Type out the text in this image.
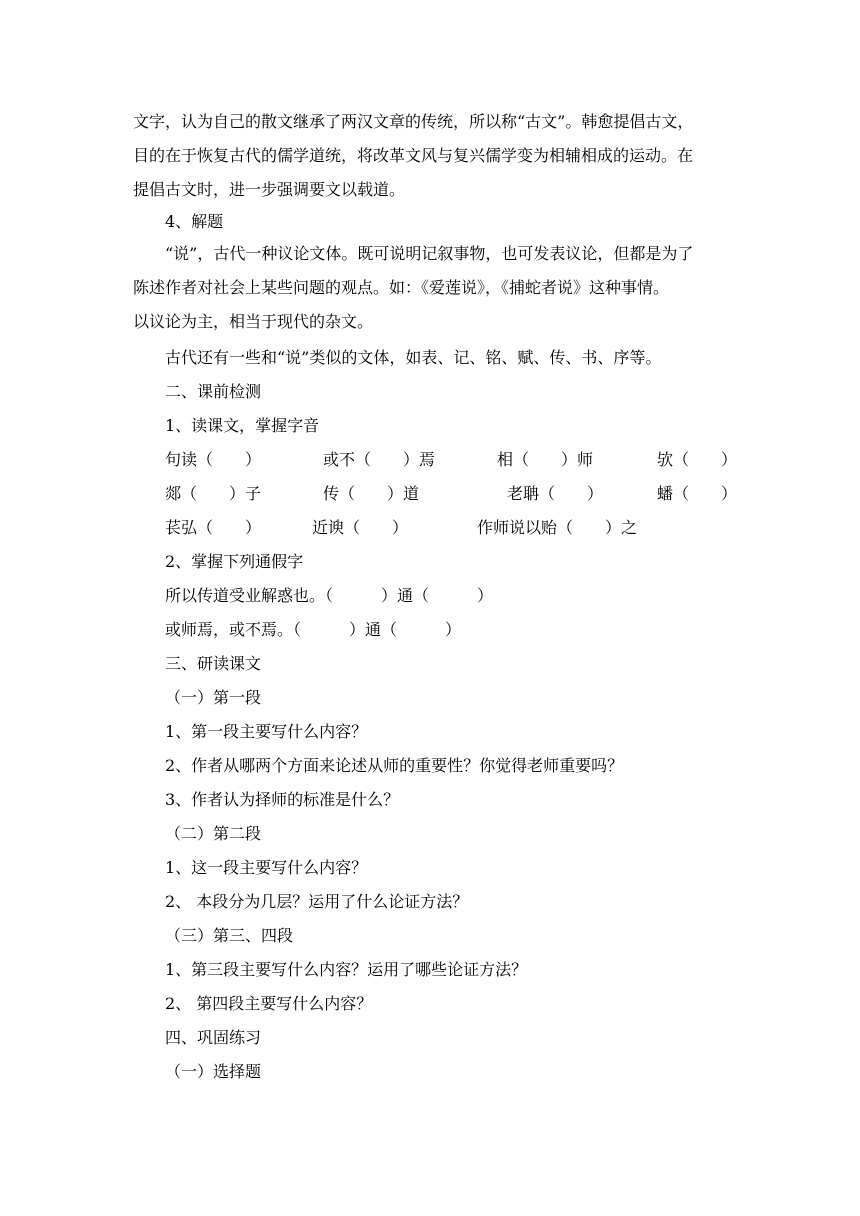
文字，认为自己的散文继承了两汉文章的传统，所以称“古文”。韩愈提倡古文，
目的在于恢复古代的儒学道统，将改革文风与复兴儒学变为相辅相成的运动。在
提倡古文时，进一步强调要文以载道。
4、解题
“说”，古代一种议论文体。既可说明记叙事物，也可发表议论，但都是为了
陈述作者对社会上某些问题的观点。如：《爱莲说》，《捕蛇者说》这种事情。
以议论为主，相当于现代的杂文。
古代还有一些和“说”类似的文体，如表、记、铭、赋、传、书、序等。
二、课前检测
1、读课文，掌握字音
句读（　　）	或不（　　）焉	相（　　）师	欤（　　）
郯（　　）子	传（　　）道	老聃（　　）	蟠（　　）
苌弘（　　）	近谀（　　）	作师说以贻（　　）之
2、掌握下列通假字
所以传道受业解惑也。（　　　）通（　　　）
或师焉，或不焉。（　　　）通（　　　）
三、研读课文
（一）第一段
1、第一段主要写什么内容？
2、作者从哪两个方面来论述从师的重要性？你觉得老师重要吗？
3、作者认为择师的标准是什么？
（二）第二段
1、这一段主要写什么内容？
2、 本段分为几层？运用了什么论证方法？
（三）第三、四段
1、第三段主要写什么内容？运用了哪些论证方法？
2、 第四段主要写什么内容？
四、巩固练习
（一）选择题
